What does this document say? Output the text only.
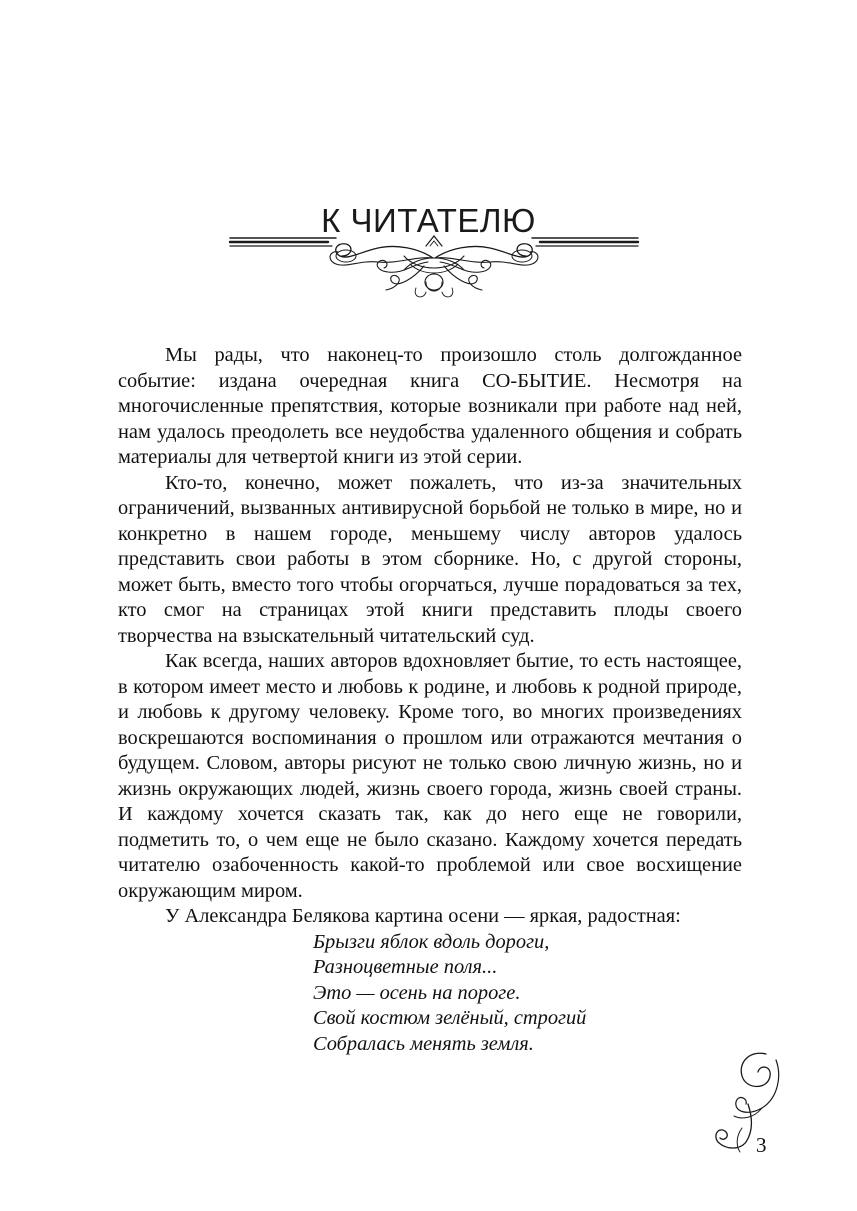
К ЧИТАТЕЛЮ

Мы рады, что наконец-то произошло столь долгожданное событие: издана очередная книга СО-БЫТИЕ. Несмотря на многочисленные препятствия, которые возникали при работе над ней, нам удалось преодолеть все неудобства удаленного общения и собрать материалы для четвертой книги из этой серии.

Кто-то, конечно, может пожалеть, что из-за значительных ограничений, вызванных антивирусной борьбой не только в мире, но и конкретно в нашем городе, меньшему числу авторов удалось представить свои работы в этом сборнике. Но, с другой стороны, может быть, вместо того чтобы огорчаться, лучше порадоваться за тех, кто смог на страницах этой книги представить плоды своего творчества на взыскательный читательский суд.

Как всегда, наших авторов вдохновляет бытие, то есть настоящее, в котором имеет место и любовь к родине, и любовь к родной природе, и любовь к другому человеку. Кроме того, во многих произведениях воскрешаются воспоминания о прошлом или отражаются мечтания о будущем. Словом, авторы рисуют не только свою личную жизнь, но и жизнь окружающих людей, жизнь своего города, жизнь своей страны. И каждому хочется сказать так, как до него еще не говорили, подметить то, о чем еще не было сказано. Каждому хочется передать читателю озабоченность какой-то проблемой или свое восхищение окружающим миром.

У Александра Белякова картина осени — яркая, радостная:

Брызги яблок вдоль дороги,
Разноцветные поля...
Это — осень на пороге.
Свой костюм зелёный, строгий
Собралась менять земля.
3
